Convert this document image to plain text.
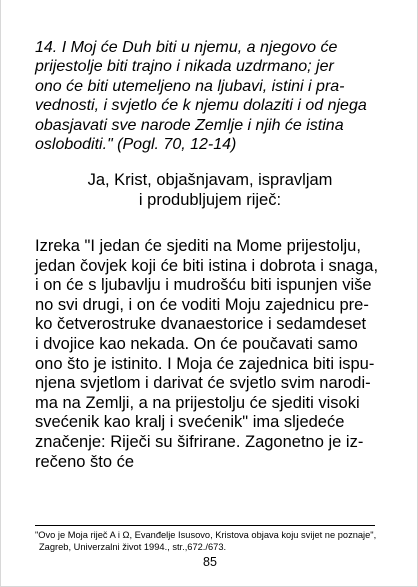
14. I Moj će Duh biti u njemu, a njegovo će
prijestolje biti trajno i nikada uzdrmano; jer
ono će biti utemeljeno na ljubavi, istini i pra-
vednosti, i svjetlo će k njemu dolaziti i od njega
obasjavati sve narode Zemlje i njih će istina
osloboditi." (Pogl. 70, 12-14)
Ja, Krist, objašnjavam, ispravljam
i produbljujem riječ:
Izreka "I jedan će sjediti na Mome prijestolju,
jedan čovjek koji će biti istina i dobrota i snaga,
i on će s ljubavlju i mudrošću biti ispunjen više
no svi drugi, i on će voditi Moju zajednicu pre-
ko četverostruke dvanaestorice i sedamdeset
i dvojice kao nekada. On će poučavati samo
ono što je istinito. I Moja će zajednica biti ispu-
njena svjetlom i darivat će svjetlo svim narodi-
ma na Zemlji, a na prijestolju će sjediti visoki
svećenik kao kralj i svećenik" ima sljedeće
značenje: Riječi su šifrirane. Zagonetno je iz-
rečeno što će
"Ovo je Moja riječ A i Ω, Evanđelje Isusovo, Kristova objava koju svijet ne poznaje",
Zagreb, Univerzalni život 1994., str.,672./673.
85
